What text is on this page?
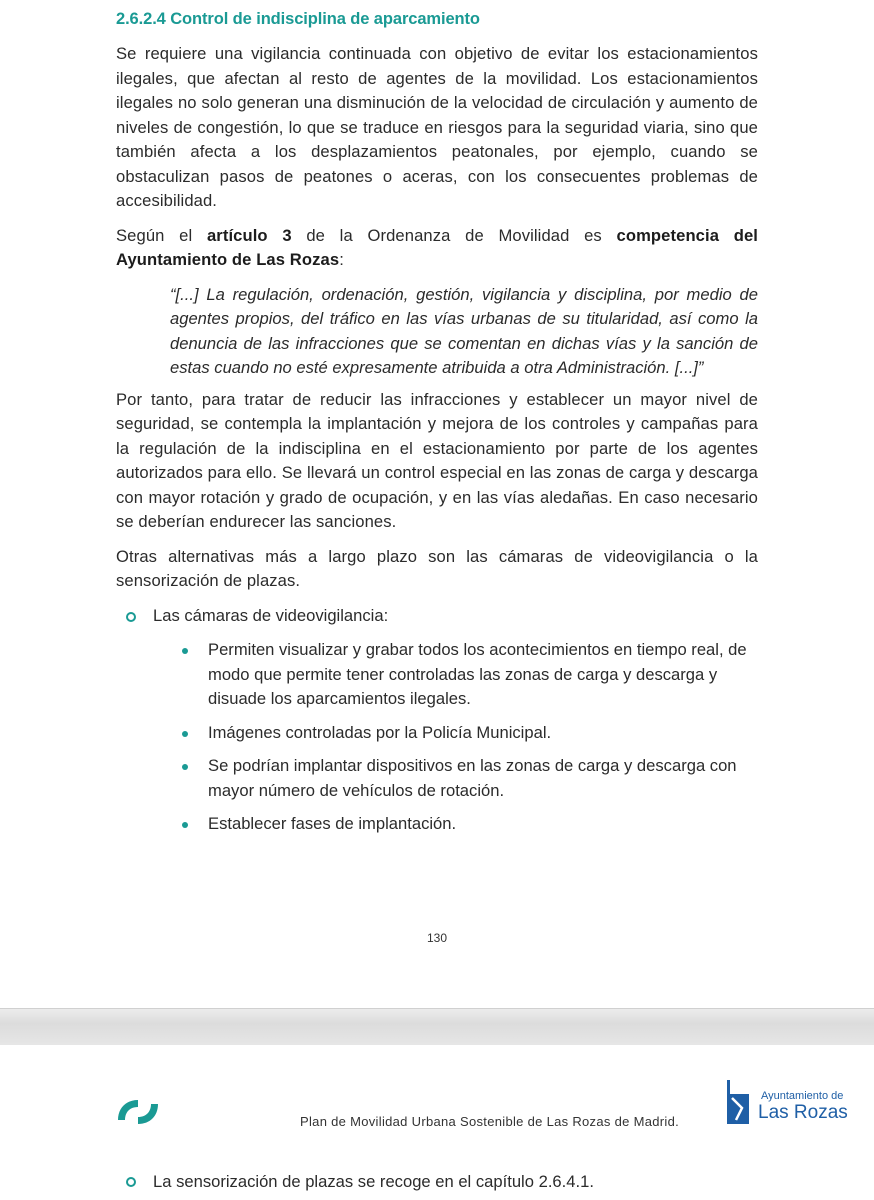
2.6.2.4 Control de indisciplina de aparcamiento

Se requiere una vigilancia continuada con objetivo de evitar los estacionamientos ilegales, que afectan al resto de agentes de la movilidad. Los estacionamientos ilegales no solo generan una disminución de la velocidad de circulación y aumento de niveles de congestión, lo que se traduce en riesgos para la seguridad viaria, sino que también afecta a los desplazamientos peatonales, por ejemplo, cuando se obstaculizan pasos de peatones o aceras, con los consecuentes problemas de accesibilidad.

Según el artículo 3 de la Ordenanza de Movilidad es competencia del Ayuntamiento de Las Rozas:

“[...] La regulación, ordenación, gestión, vigilancia y disciplina, por medio de agentes propios, del tráfico en las vías urbanas de su titularidad, así como la denuncia de las infracciones que se comentan en dichas vías y la sanción de estas cuando no esté expresamente atribuida a otra Administración. [...]”

Por tanto, para tratar de reducir las infracciones y establecer un mayor nivel de seguridad, se contempla la implantación y mejora de los controles y campañas para la regulación de la indisciplina en el estacionamiento por parte de los agentes autorizados para ello. Se llevará un control especial en las zonas de carga y descarga con mayor rotación y grado de ocupación, y en las vías aledañas. En caso necesario se deberían endurecer las sanciones.

Otras alternativas más a largo plazo son las cámaras de videovigilancia o la sensorización de plazas.

Las cámaras de videovigilancia:
Permiten visualizar y grabar todos los acontecimientos en tiempo real, de modo que permite tener controladas las zonas de carga y descarga y disuade los aparcamientos ilegales.
Imágenes controladas por la Policía Municipal.
Se podrían implantar dispositivos en las zonas de carga y descarga con mayor número de vehículos de rotación.
Establecer fases de implantación.
130
Plan de Movilidad Urbana Sostenible de Las Rozas de Madrid.
Ayuntamiento de
Las Rozas
La sensorización de plazas se recoge en el capítulo 2.6.4.1.
